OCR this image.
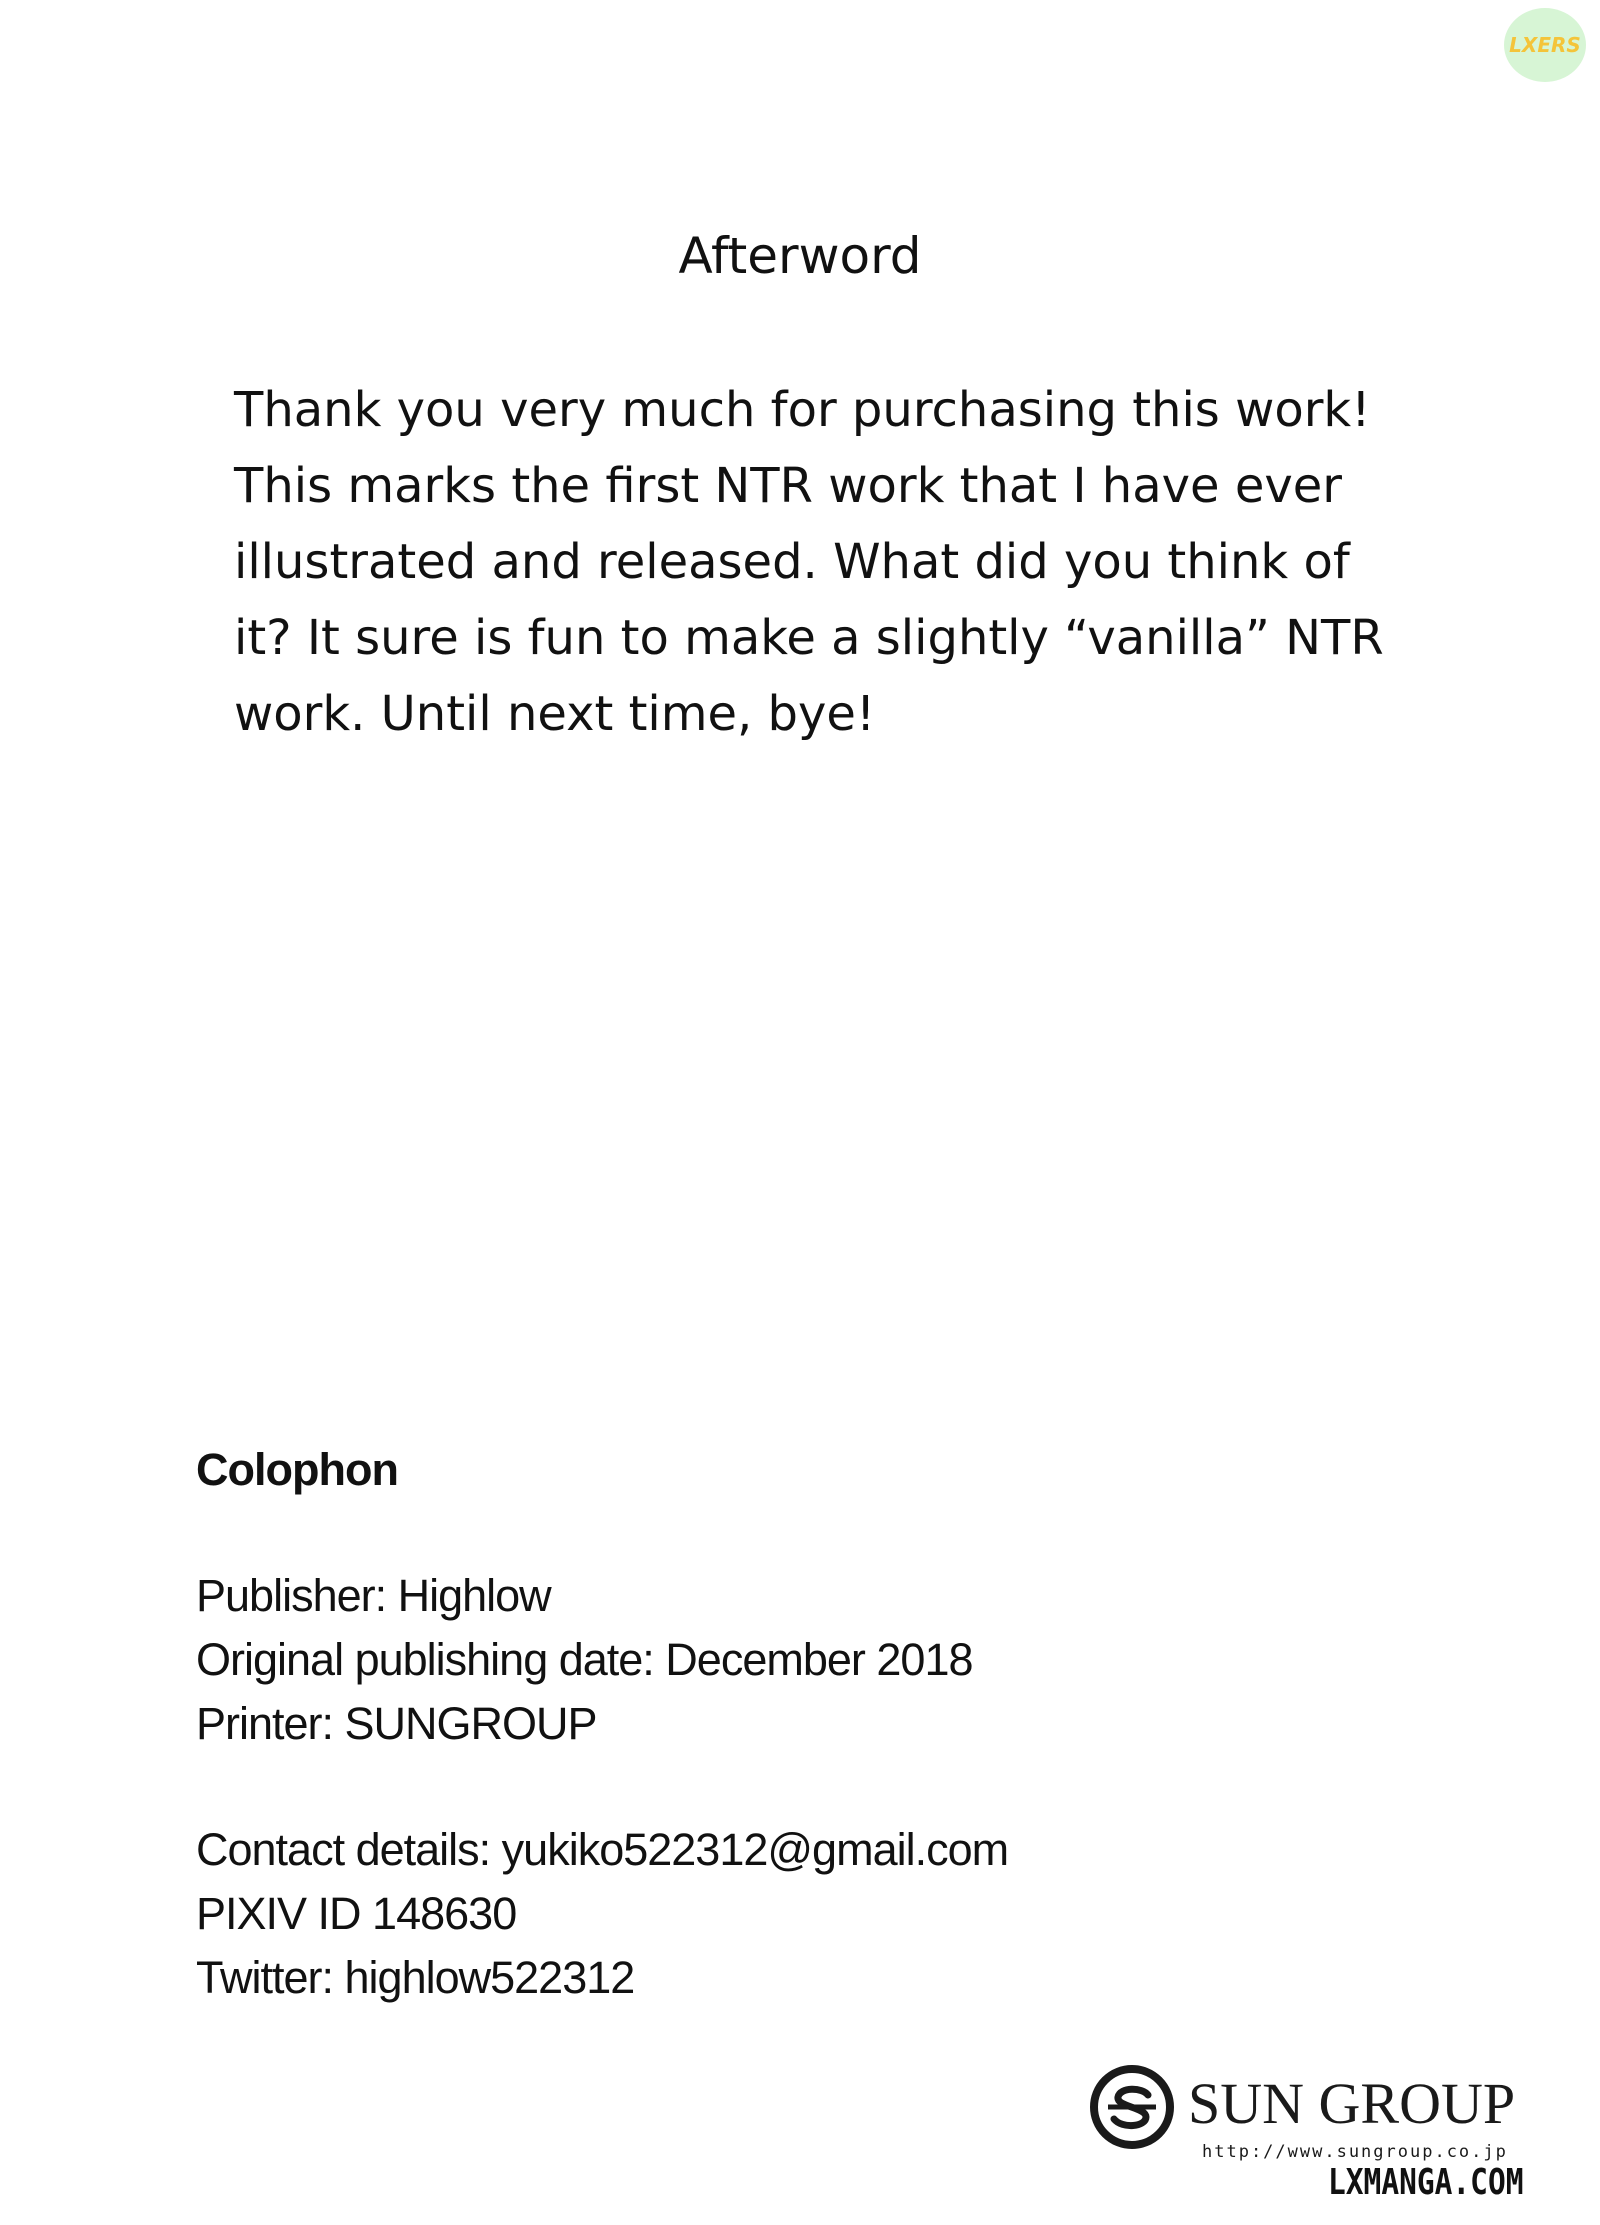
LXERS
Afterword
Thank you very much for purchasing this work!
This marks the first NTR work that I have ever
illustrated and released. What did you think of
it? It sure is fun to make a slightly “vanilla” NTR
work. Until next time, bye!
Colophon
Publisher: Highlow
Original publishing date: December 2018
Printer: SUNGROUP
Contact details: yukiko522312@gmail.com
PIXIV ID 148630
Twitter: highlow522312
SUN GROUP
http://www.sungroup.co.jp
LXMANGA.COM
